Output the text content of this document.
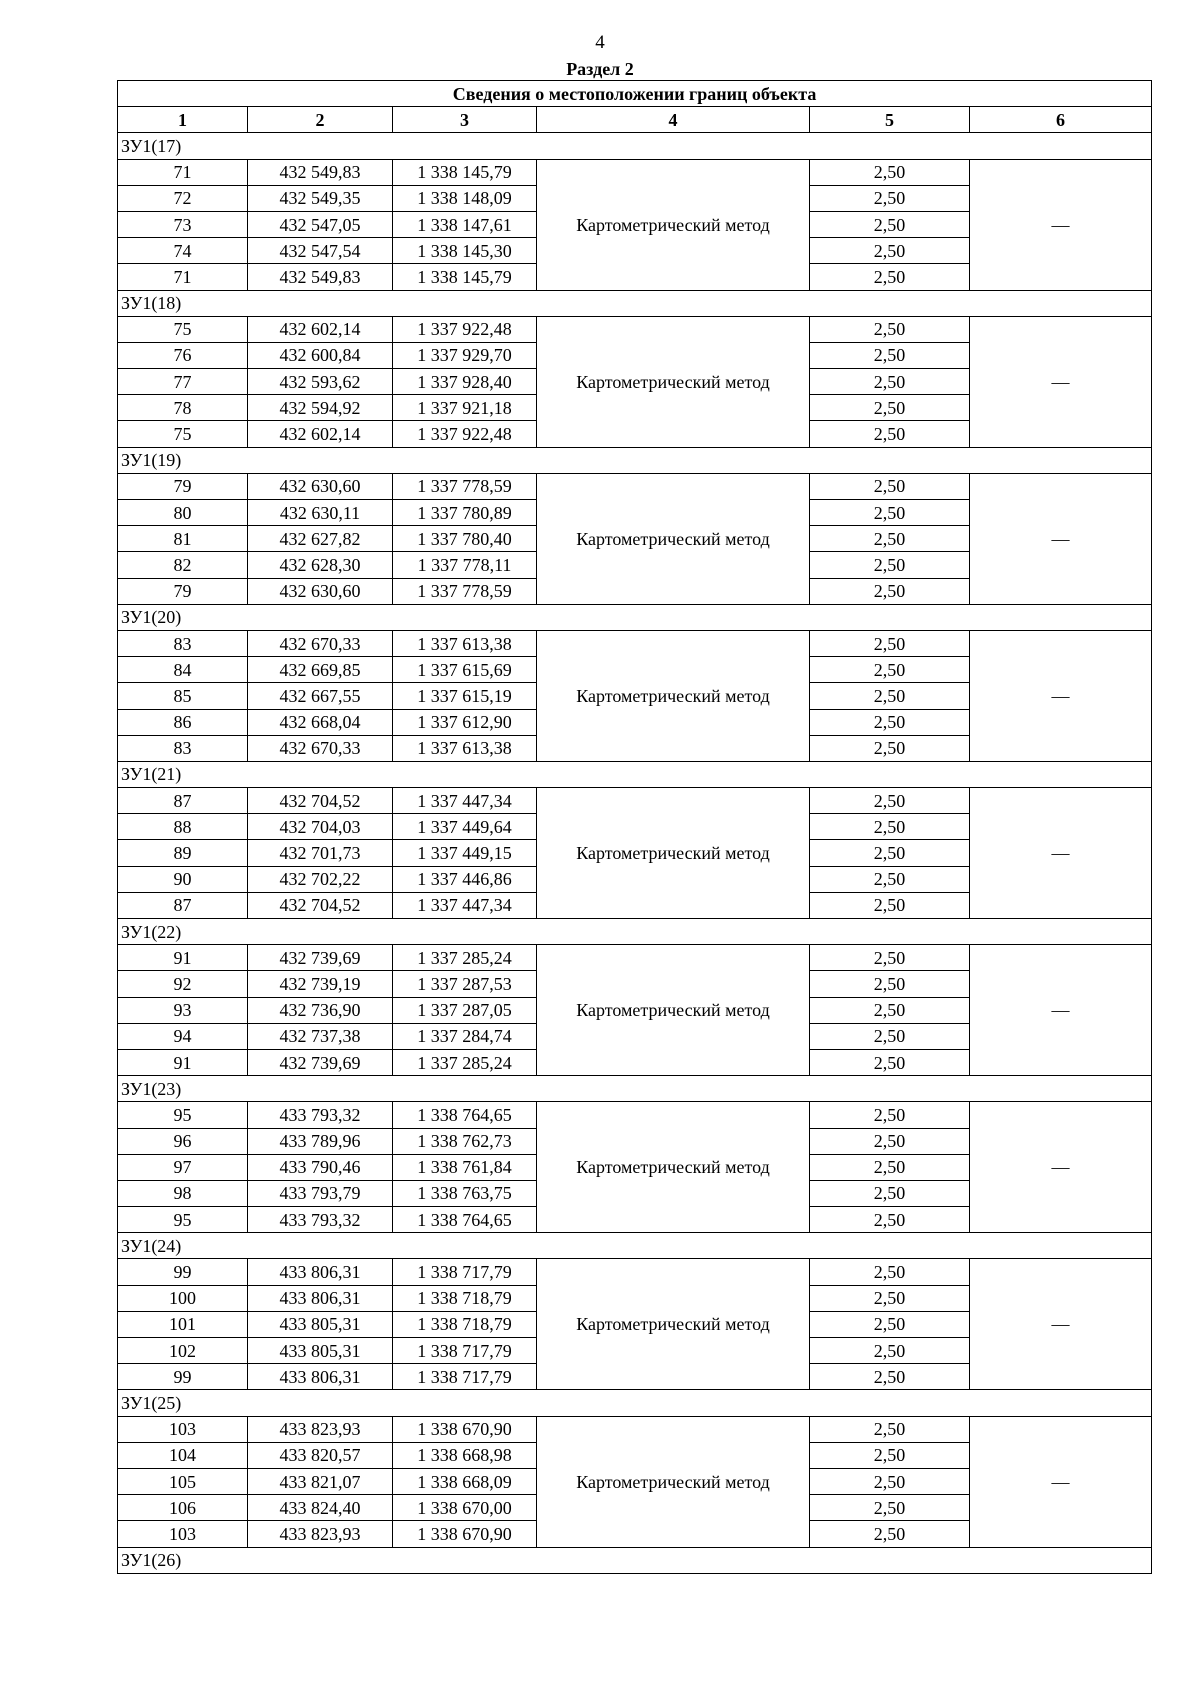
4
Раздел 2
Сведения о местоположении границ объекта					
1	2	3	4	5	6
ЗУ1(17)					
71	432 549,83	1 338 145,79	Картометрический метод	2,50	—
72	432 549,35	1 338 148,09		2,50	
73	432 547,05	1 338 147,61		2,50	
74	432 547,54	1 338 145,30		2,50	
71	432 549,83	1 338 145,79		2,50	
ЗУ1(18)					
75	432 602,14	1 337 922,48	Картометрический метод	2,50	—
76	432 600,84	1 337 929,70		2,50	
77	432 593,62	1 337 928,40		2,50	
78	432 594,92	1 337 921,18		2,50	
75	432 602,14	1 337 922,48		2,50	
ЗУ1(19)					
79	432 630,60	1 337 778,59	Картометрический метод	2,50	—
80	432 630,11	1 337 780,89		2,50	
81	432 627,82	1 337 780,40		2,50	
82	432 628,30	1 337 778,11		2,50	
79	432 630,60	1 337 778,59		2,50	
ЗУ1(20)					
83	432 670,33	1 337 613,38	Картометрический метод	2,50	—
84	432 669,85	1 337 615,69		2,50	
85	432 667,55	1 337 615,19		2,50	
86	432 668,04	1 337 612,90		2,50	
83	432 670,33	1 337 613,38		2,50	
ЗУ1(21)					
87	432 704,52	1 337 447,34	Картометрический метод	2,50	—
88	432 704,03	1 337 449,64		2,50	
89	432 701,73	1 337 449,15		2,50	
90	432 702,22	1 337 446,86		2,50	
87	432 704,52	1 337 447,34		2,50	
ЗУ1(22)					
91	432 739,69	1 337 285,24	Картометрический метод	2,50	—
92	432 739,19	1 337 287,53		2,50	
93	432 736,90	1 337 287,05		2,50	
94	432 737,38	1 337 284,74		2,50	
91	432 739,69	1 337 285,24		2,50	
ЗУ1(23)					
95	433 793,32	1 338 764,65	Картометрический метод	2,50	—
96	433 789,96	1 338 762,73		2,50	
97	433 790,46	1 338 761,84		2,50	
98	433 793,79	1 338 763,75		2,50	
95	433 793,32	1 338 764,65		2,50	
ЗУ1(24)					
99	433 806,31	1 338 717,79	Картометрический метод	2,50	—
100	433 806,31	1 338 718,79		2,50	
101	433 805,31	1 338 718,79		2,50	
102	433 805,31	1 338 717,79		2,50	
99	433 806,31	1 338 717,79		2,50	
ЗУ1(25)					
103	433 823,93	1 338 670,90	Картометрический метод	2,50	—
104	433 820,57	1 338 668,98		2,50	
105	433 821,07	1 338 668,09		2,50	
106	433 824,40	1 338 670,00		2,50	
103	433 823,93	1 338 670,90		2,50	
ЗУ1(26)					
